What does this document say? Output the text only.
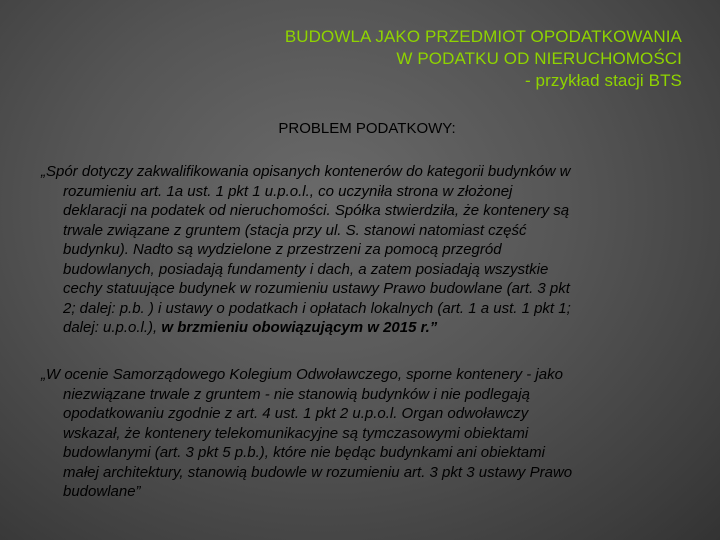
BUDOWLA JAKO PRZEDMIOT OPODATKOWANIA
W PODATKU OD NIERUCHOMOŚCI
- przykład stacji BTS
PROBLEM PODATKOWY:
„Spór dotyczy zakwalifikowania opisanych kontenerów do kategorii budynków w
rozumieniu art. 1a ust. 1 pkt 1 u.p.o.l., co uczyniła strona w złożonej
deklaracji na podatek od nieruchomości. Spółka stwierdziła, że kontenery są
trwale związane z gruntem (stacja przy ul. S. stanowi natomiast część
budynku). Nadto są wydzielone z przestrzeni za pomocą przegród
budowlanych, posiadają fundamenty i dach, a zatem posiadają wszystkie
cechy statuujące budynek w rozumieniu ustawy Prawo budowlane (art. 3 pkt
2; dalej: p.b. ) i ustawy o podatkach i opłatach lokalnych (art. 1 a ust. 1 pkt 1;
dalej: u.p.o.l.), w brzmieniu obowiązującym w 2015 r.”
„W ocenie Samorządowego Kolegium Odwoławczego, sporne kontenery - jako
niezwiązane trwale z gruntem - nie stanowią budynków i nie podlegają
opodatkowaniu zgodnie z art. 4 ust. 1 pkt 2 u.p.o.l. Organ odwoławczy
wskazał, że kontenery telekomunikacyjne są tymczasowymi obiektami
budowlanymi (art. 3 pkt 5 p.b.), które nie będąc budynkami ani obiektami
małej architektury, stanowią budowle w rozumieniu art. 3 pkt 3 ustawy Prawo
budowlane”
